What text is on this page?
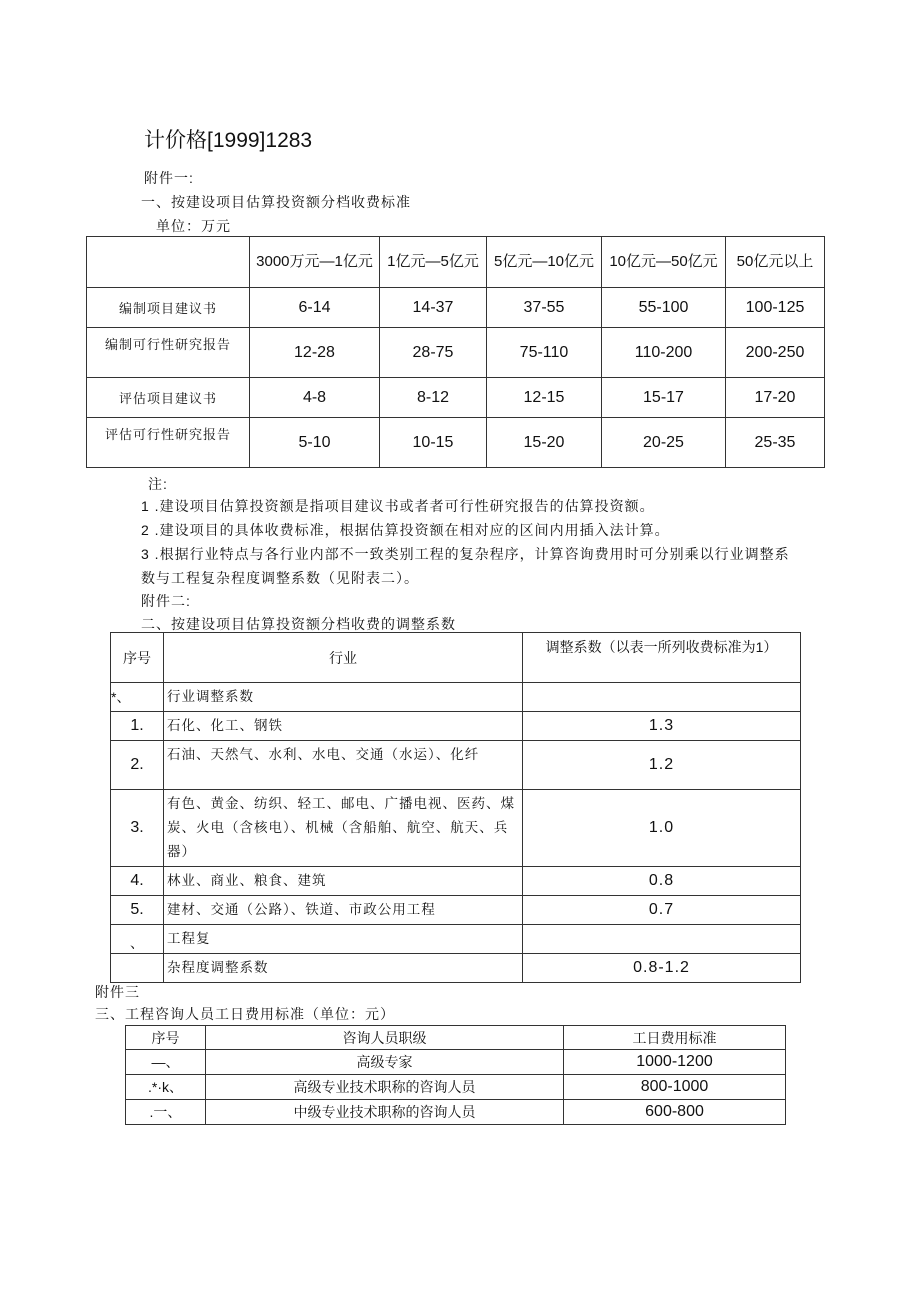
计价格[1999]1283
附件一:
一、按建设项目估算投资额分档收费标准
单位：万元
	3000万元—1亿元	1亿元—5亿元	5亿元—10亿元	10亿元—50亿元	50亿元以上
编制项目建议书	6-14	14-37	37-55	55-100	100-125
编制可行性研究报告	12-28	28-75	75-110	110-200	200-250
评估项目建议书	4-8	8-12	12-15	15-17	17-20
评估可行性研究报告	5-10	10-15	15-20	20-25	25-35
注:
1 .建设项目估算投资额是指项目建议书或者者可行性研究报告的估算投资额。
2 .建设项目的具体收费标准，根据估算投资额在相对应的区间内用插入法计算。
3 .根据行业特点与各行业内部不一致类别工程的复杂程序，计算咨询费用时可分别乘以行业调整系
数与工程复杂程度调整系数（见附表二）。
附件二:
二、按建设项目估算投资额分档收费的调整系数
序号	行业	调整系数（以表一所列收费标准为1）
*、	行业调整系数	
1.	石化、化工、钢铁	1.3
2.	石油、天然气、水利、水电、交通（水运）、化纤	1.2
3.	有色、黄金、纺织、轻工、邮电、广播电视、医药、煤炭、火电（含核电）、机械（含船舶、航空、航天、兵器）	1.0
4.	林业、商业、粮食、建筑	0.8
5.	建材、交通（公路）、铁道、市政公用工程	0.7
、	工程复	
	杂程度调整系数	0.8-1.2
附件三
三、工程咨询人员工日费用标准（单位：元）
序号	咨询人员职级	工日费用标准
—、	高级专家	1000-1200
.*·k、	高级专业技术职称的咨询人员	800-1000
.一、	中级专业技术职称的咨询人员	600-800
